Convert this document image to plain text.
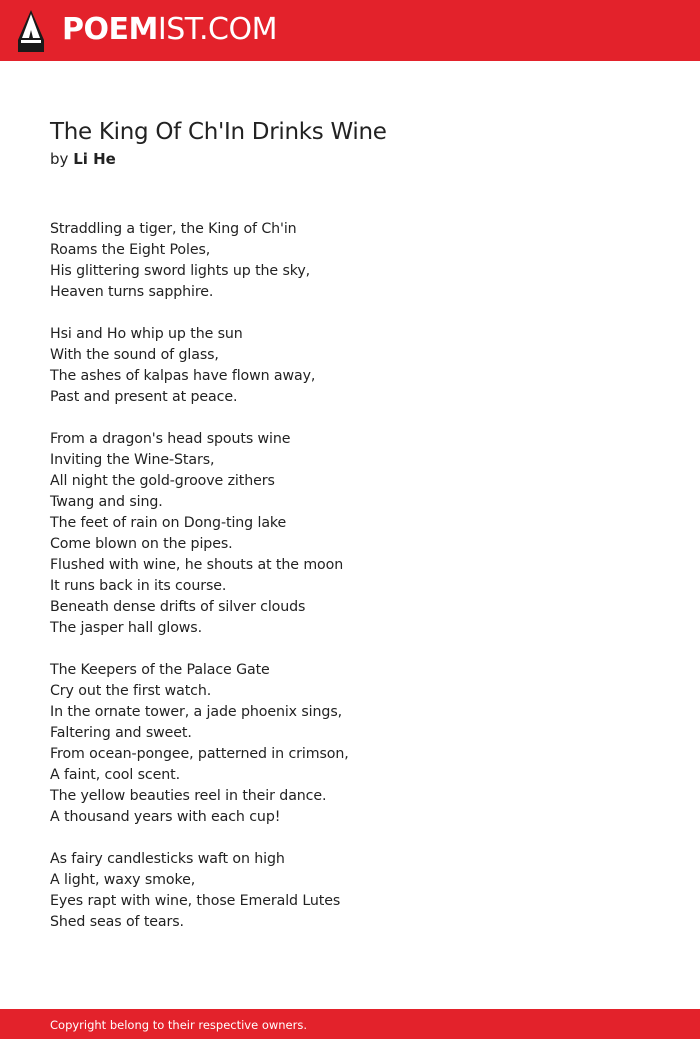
POEMIST.COM
The King Of Ch'In Drinks Wine
by Li He
Straddling a tiger, the King of Ch'in
Roams the Eight Poles,
His glittering sword lights up the sky,
Heaven turns sapphire.
Hsi and Ho whip up the sun
With the sound of glass,
The ashes of kalpas have flown away,
Past and present at peace.
From a dragon's head spouts wine
Inviting the Wine-Stars,
All night the gold-groove zithers
Twang and sing.
The feet of rain on Dong-ting lake
Come blown on the pipes.
Flushed with wine, he shouts at the moon
It runs back in its course.
Beneath dense drifts of silver clouds
The jasper hall glows.
The Keepers of the Palace Gate
Cry out the first watch.
In the ornate tower, a jade phoenix sings,
Faltering and sweet.
From ocean-pongee, patterned in crimson,
A faint, cool scent.
The yellow beauties reel in their dance.
A thousand years with each cup!
As fairy candlesticks waft on high
A light, waxy smoke,
Eyes rapt with wine, those Emerald Lutes
Shed seas of tears.
Copyright belong to their respective owners.
